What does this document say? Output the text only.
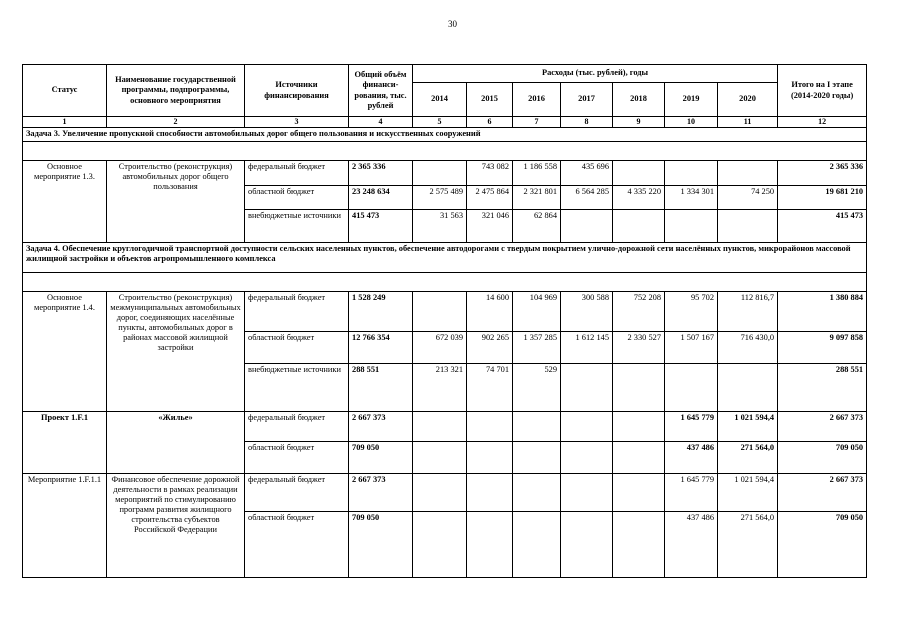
30
Статус	Наименование государственной программы, подпрограммы, основного мероприятия	Источники финансирования	Общий объём финанси-рования, тыс. рублей	Расходы (тыс. рублей), годы							Итого на I этапе (2014-2020 годы)
				2014	2015	2016	2017	2018	2019	2020	
1	2	3	4	5	6	7	8	9	10	11	12
Задача 3. Увеличение пропускной способности автомобильных дорог общего пользования и искусственных сооружений											

Основное мероприятие 1.3.	Строительство (реконструкция) автомобильных дорог общего пользования	федеральный бюджет	2 365 336		743 082	1 186 558	435 696				2 365 336
		областной бюджет	23 248 634	2 575 489	2 475 864	2 321 801	6 564 285	4 335 220	1 334 301	74 250	19 681 210
		внебюджетные источники	415 473	31 563	321 046	62 864					415 473
Задача 4. Обеспечение круглогодичной транспортной доступности сельских населенных пунктов, обеспечение автодорогами с твердым покрытием улично-дорожной сети населённых пунктов, микрорайонов массовой жилищной застройки и объектов агропромышленного комплекса											

Основное мероприятие 1.4.	Строительство (реконструкция) межмуниципальных автомобильных дорог, соединяющих населённые пункты, автомобильных дорог в районах массовой жилищной застройки	федеральный бюджет	1 528 249		14 600	104 969	300 588	752 208	95 702	112 816,7	1 380 884
		областной бюджет	12 766 354	672 039	902 265	1 357 285	1 612 145	2 330 527	1 507 167	716 430,0	9 097 858
		внебюджетные источники	288 551	213 321	74 701	529					288 551
Проект 1.F.1	«Жилье»	федеральный бюджет	2 667 373						1 645 779	1 021 594,4	2 667 373
		областной бюджет	709 050						437 486	271 564,0	709 050
Мероприятие 1.F.1.1	Финансовое обеспечение дорожной деятельности в рамках реализации мероприятий по стимулированию программ развития жилищного строительства субъектов Российской Федерации	федеральный бюджет	2 667 373						1 645 779	1 021 594,4	2 667 373
		областной бюджет	709 050						437 486	271 564,0	709 050
